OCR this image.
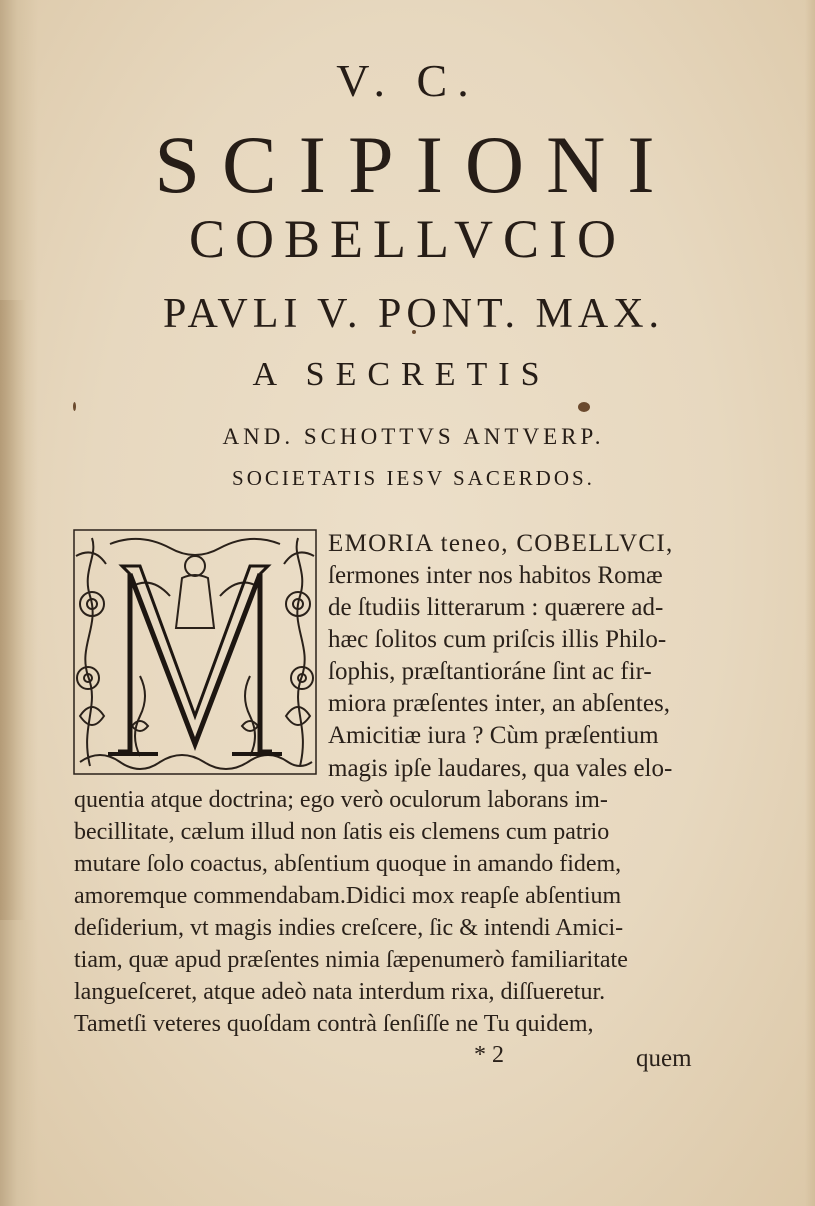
V. C.
SCIPIONI
COBELLVCIO
PAVLI V. PONT. MAX.
A SECRETIS
AND. SCHOTTVS ANTVERP.
SOCIETATIS IESV SACERDOS.
EMORIA teneo, COBELLVCI,
ſermones inter nos habitos Romæ
de ſtudiis litterarum : quærere ad-
hæc ſolitos cum priſcis illis Philo-
ſophis, præſtantioráne ſint ac fir-
miora præſentes inter, an abſentes,
Amicitiæ iura ? Cùm præſentium
magis ipſe laudares, qua vales elo-
quentia atque doctrina; ego verò oculorum laborans im-
becillitate, cælum illud non ſatis eis clemens cum patrio
mutare ſolo coactus, abſentium quoque in amando fidem,
amoremque commendabam.Didici mox reapſe abſentium
deſiderium, vt magis indies creſcere, ſic & intendi Amici-
tiam, quæ apud præſentes nimia ſæpenumerò familiaritate
langueſceret, atque adeò nata interdum rixa, diſſueretur.
Tametſi veteres quoſdam contrà ſenſiſſe ne Tu quidem,
* 2	quem
